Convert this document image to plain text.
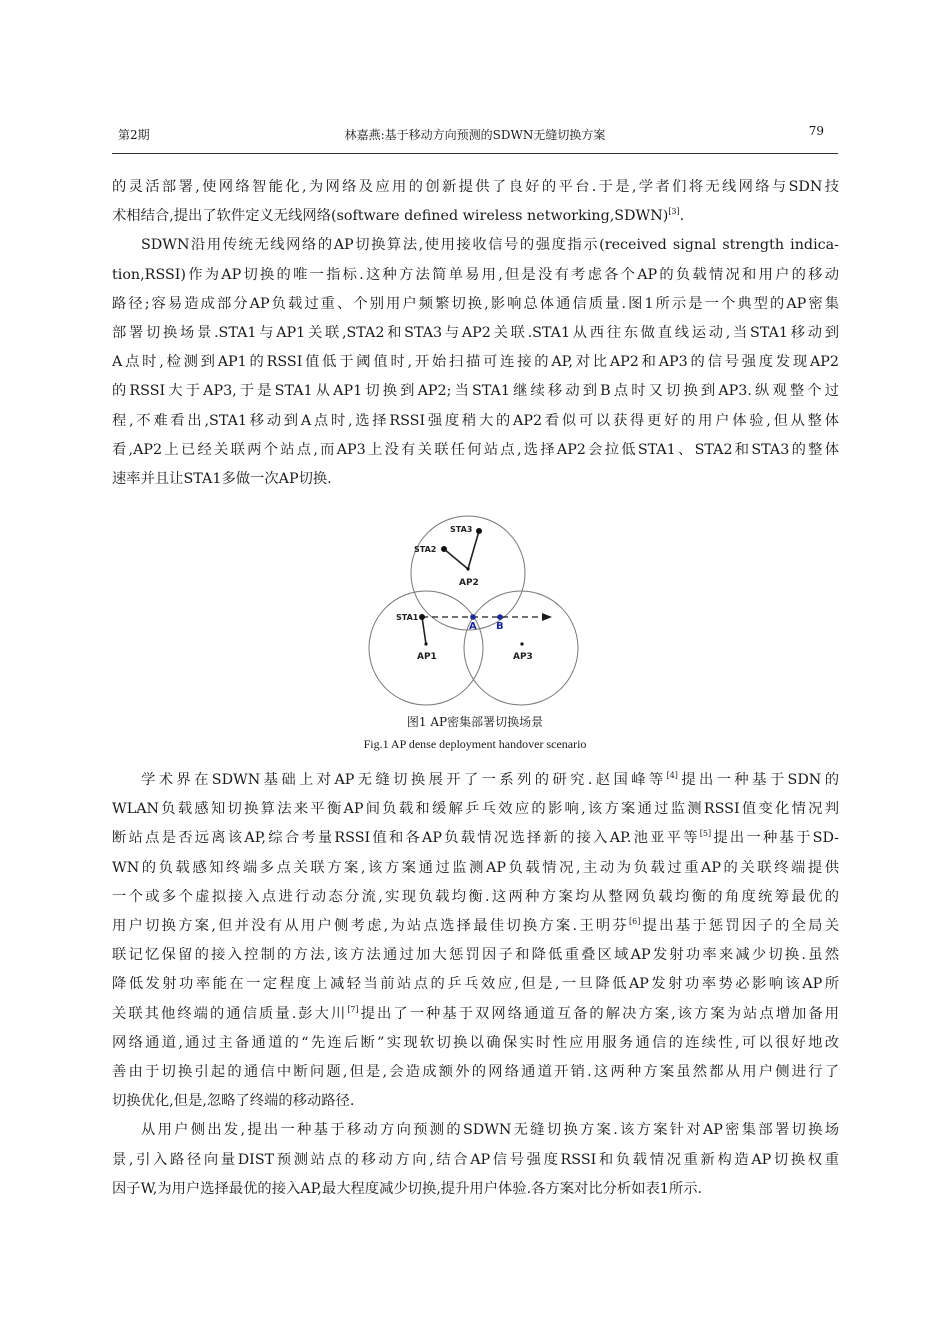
第2期	林嘉燕:基于移动方向预测的SDWN无缝切换方案	79

的灵活部署,使网络智能化,为网络及应用的创新提供了良好的平台.于是,学者们将无线网络与SDN技
术相结合,提出了软件定义无线网络(software defined wireless networking,SDWN)[3].

SDWN沿用传统无线网络的AP切换算法,使用接收信号的强度指示(received signal strength indica-
tion,RSSI)作为AP切换的唯一指标.这种方法简单易用,但是没有考虑各个AP的负载情况和用户的移动
路径;容易造成部分AP负载过重、个别用户频繁切换,影响总体通信质量.图1所示是一个典型的AP密集
部署切换场景.STA1与AP1关联,STA2和STA3与AP2关联.STA1从西往东做直线运动,当STA1移动到
A点时,检测到AP1的RSSI值低于阈值时,开始扫描可连接的AP,对比AP2和AP3的信号强度发现AP2
的RSSI大于AP3,于是STA1从AP1切换到AP2;当STA1继续移动到B点时又切换到AP3.纵观整个过
程,不难看出,STA1移动到A点时,选择RSSI强度稍大的AP2看似可以获得更好的用户体验,但从整体
看,AP2上已经关联两个站点,而AP3上没有关联任何站点,选择AP2会拉低STA1、STA2和STA3的整体
速率并且让STA1多做一次AP切换.

STA3
STA2
AP2
STA1
AP1	AP3
A B
图1 AP密集部署切换场景
Fig.1 AP dense deployment handover scenario

学术界在SDWN基础上对AP无缝切换展开了一系列的研究.赵国峰等[4]提出一种基于SDN的
WLAN负载感知切换算法来平衡AP间负载和缓解乒乓效应的影响,该方案通过监测RSSI值变化情况判
断站点是否远离该AP,综合考量RSSI值和各AP负载情况选择新的接入AP.池亚平等[5]提出一种基于SD-
WN的负载感知终端多点关联方案,该方案通过监测AP负载情况,主动为负载过重AP的关联终端提供
一个或多个虚拟接入点进行动态分流,实现负载均衡.这两种方案均从整网负载均衡的角度统筹最优的
用户切换方案,但并没有从用户侧考虑,为站点选择最佳切换方案.王明芬[6]提出基于惩罚因子的全局关
联记忆保留的接入控制的方法,该方法通过加大惩罚因子和降低重叠区域AP发射功率来减少切换.虽然
降低发射功率能在一定程度上减轻当前站点的乒乓效应,但是,一旦降低AP发射功率势必影响该AP所
关联其他终端的通信质量.彭大川[7]提出了一种基于双网络通道互备的解决方案,该方案为站点增加备用
网络通道,通过主备通道的“先连后断”实现软切换以确保实时性应用服务通信的连续性,可以很好地改
善由于切换引起的通信中断问题,但是,会造成额外的网络通道开销.这两种方案虽然都从用户侧进行了
切换优化,但是,忽略了终端的移动路径.

从用户侧出发,提出一种基于移动方向预测的SDWN无缝切换方案.该方案针对AP密集部署切换场
景,引入路径向量DIST预测站点的移动方向,结合AP信号强度RSSI和负载情况重新构造AP切换权重
因子W,为用户选择最优的接入AP,最大程度减少切换,提升用户体验.各方案对比分析如表1所示.
